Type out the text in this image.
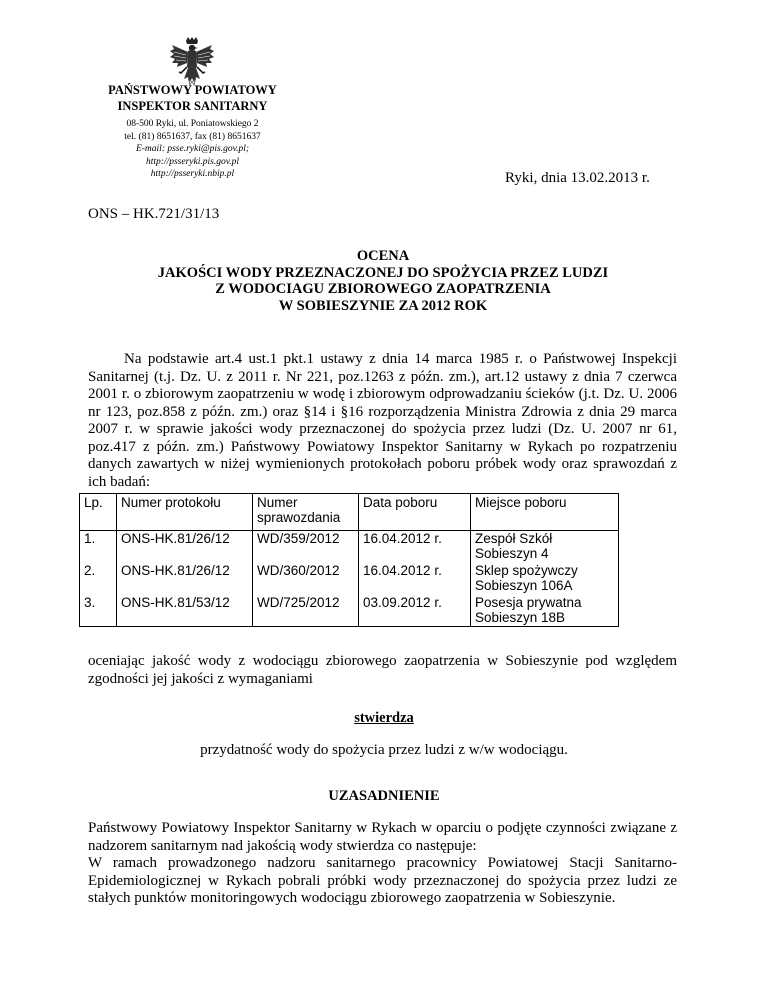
PAŃSTWOWY POWIATOWY
INSPEKTOR SANITARNY
08-500 Ryki, ul. Poniatowskiego 2
tel. (81) 8651637, fax (81) 8651637
E-mail: psse.ryki@pis.gov.pl;
http://psseryki.pis.gov.pl
http://psseryki.nbip.pl	Ryki, dnia 13.02.2013 r.
ONS – HK.721/31/13
OCENA
JAKOŚCI WODY PRZEZNACZONEJ DO SPOŻYCIA PRZEZ LUDZI
Z WODOCIAGU ZBIOROWEGO ZAOPATRZENIA
W SOBIESZYNIE ZA 2012 ROK
Na podstawie art.4 ust.1 pkt.1 ustawy z dnia 14 marca 1985 r. o Państwowej Inspekcji Sanitarnej (t.j. Dz. U. z 2011 r. Nr 221, poz.1263 z późn. zm.), art.12 ustawy z dnia 7 czerwca 2001 r. o zbiorowym zaopatrzeniu w wodę i zbiorowym odprowadzaniu ścieków (j.t. Dz. U. 2006 nr 123, poz.858 z późn. zm.) oraz §14 i §16 rozporządzenia Ministra Zdrowia z dnia 29 marca 2007 r. w sprawie jakości wody przeznaczonej do spożycia przez ludzi (Dz. U. 2007 nr 61, poz.417 z późn. zm.) Państwowy Powiatowy Inspektor Sanitarny w Rykach po rozpatrzeniu danych zawartych w niżej wymienionych protokołach poboru próbek wody oraz sprawozdań z ich badań:
Lp.	Numer protokołu	Numer sprawozdania	Data poboru	Miejsce poboru
1.	ONS-HK.81/26/12	WD/359/2012	16.04.2012 r.	Zespół Szkół
Sobieszyn 4

2.	ONS-HK.81/26/12	WD/360/2012	16.04.2012 r.	Sklep spożywczy
Sobieszyn 106A

3.	ONS-HK.81/53/12	WD/725/2012	03.09.2012 r.	Posesja prywatna
Sobieszyn 18B
oceniając jakość wody z wodociągu zbiorowego zaopatrzenia w Sobieszynie pod względem zgodności jej jakości z wymaganiami
stwierdza
przydatność wody do spożycia przez ludzi z w/w wodociągu.
UZASADNIENIE

Państwowy Powiatowy Inspektor Sanitarny w Rykach w oparciu o podjęte czynności związane z nadzorem sanitarnym nad jakością wody stwierdza co następuje:

W ramach prowadzonego nadzoru sanitarnego pracownicy Powiatowej Stacji Sanitarno-Epidemiologicznej w Rykach pobrali próbki wody przeznaczonej do spożycia przez ludzi ze stałych punktów monitoringowych wodociągu zbiorowego zaopatrzenia w Sobieszynie.
